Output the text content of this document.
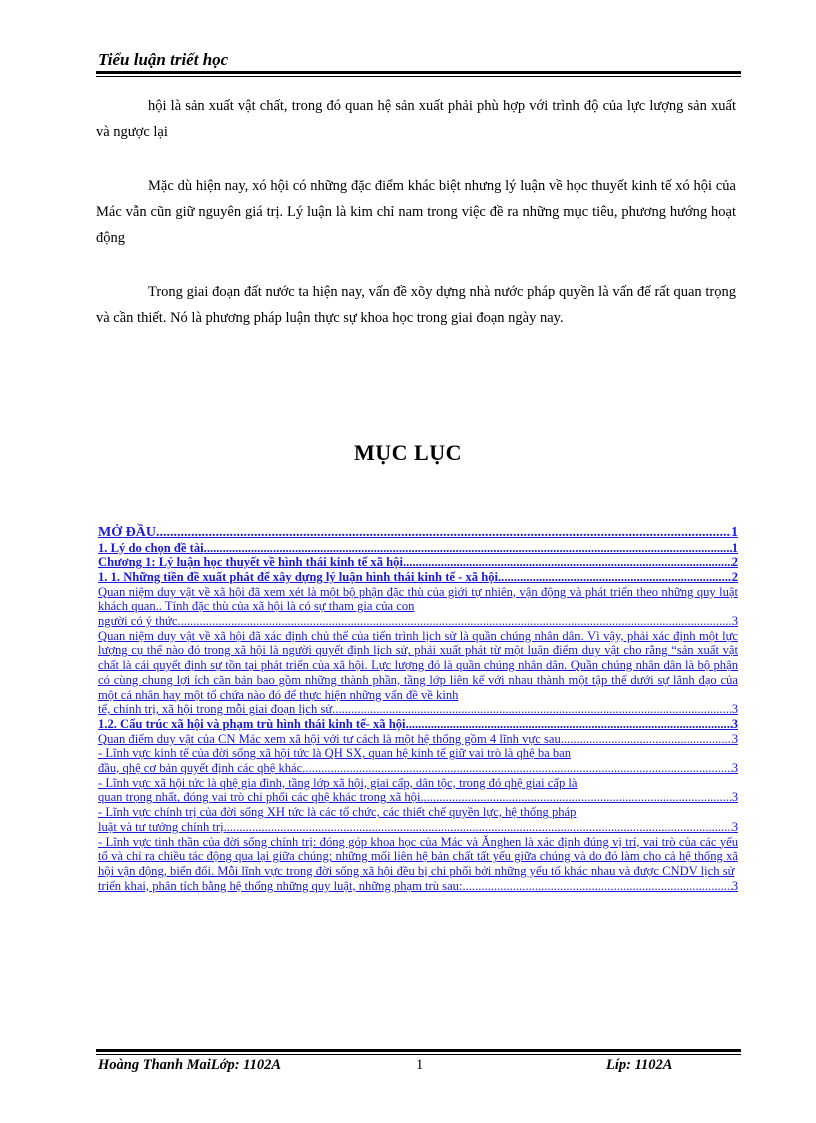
Tiểu luận triết học

hội là sản xuất vật chất, trong đó quan hệ sản xuất phải phù hợp với trình độ của lực lượng sản xuất và ngược lại

Mặc dù hiện nay, xó hội có những đặc điểm khác biệt nhưng lý luận về học thuyết kinh tế xó hội của Mác vẫn cũn giữ nguyên giá trị. Lý luận là kim chỉ nam trong việc đề ra những mục tiêu, phương hướng hoạt động

Trong giai đoạn đất nước ta hiện nay, vấn đề xõy dựng nhà nước pháp quyền là vấn đế rất quan trọng và cần thiết. Nó là phương pháp luận thực sự khoa học trong giai đoạn ngày nay.

MỤC LỤC
MỞ ĐẦU .....	1
1. Lý do chọn đề tài .....	1
Chương 1: Lý luận học thuyết về hình thái kinh tế xã hội .....	2
1. 1. Những tiền đề xuất phát để xây dựng lý luận hình thái kinh tế - xã hội .....	2
Quan niệm duy vật về xã hội đã xem xét là một bộ phận đặc thù của giới tự nhiên, vận động và phát triển theo những quy luật khách quan.. Tính đặc thù của xã hội là có sự tham gia của con
người có ý thức. .....	3
Quan niệm duy vật về xã hội đã xác định chủ thể của tiến trình lịch sử là quần chúng nhân dân. Vì vậy, phải xác định một lực lượng cụ thể nào đó trong xã hội là người quyết định lịch sử, phải xuất phát từ một luận điểm duy vật cho rằng “sản xuất vật chất là cái quyết định sự tồn tại phát triển của xã hội. Lực lượng đó là quần chúng nhân dân. Quần chúng nhân dân là bộ phận có cùng chung lợi ích căn bản bao gồm những thành phần, tầng lớp liên kế với nhau thành một tập thể dưới sự lãnh đạo của một cá nhân hay một tổ chứa nào đó để thực hiện những vấn đề về kinh
tế, chính trị, xã hội trong mỗi giai đoạn lịch sử .....	3
1.2. Cấu trúc xã hội và phạm trù hình thái kinh tế- xã hội .....	3
Quan điểm duy vật của CN Mác xem xã hội với tư cách là một hệ thống gồm 4 lĩnh vực sau .....	3
- Lĩnh vực kinh tế của đời sống xã hội tức là QH SX, quan hệ kinh tế giữ vai trò là qhệ ba ban
đầu, qhệ cơ bản quyết định các qhệ khác. .....	3
- Lĩnh vực xã hội tức là qhệ gia đình, tầng lớp xã hội, giai cấp, dân tộc, trong đó qhệ giai cấp là
quan trọng nhất, đóng vai trò chi phối các qhệ khác trong xã hội. .....	3
- Lĩnh vực chính trị của đời sống XH tức là các tổ chức, các thiết chế quyền lực, hệ thống pháp
luật và tư tưởng chính trị. .....	3
- Lĩnh vực tinh thần của đời sống chính trị: đóng góp khoa học của Mác và Ănghen là xác định đúng vị trí, vai trò của các yếu tố và chỉ ra chiều tác động qua lại giữa chúng; những mối liên hệ bản chất tất yếu giữa chúng và do đó làm cho cả hệ thống xã hội vận động, biến đổi. Mỗi lĩnh vực trong đời sống xã hội đều bị chi phối bởi những yếu tố khác nhau và được CNDV lịch sử
triển khai, phân tích bằng hệ thống những quy luật, những phạm trù sau: .....	3
Hoàng Thanh MaiLớp: 1102A	1	Líp: 1102A
